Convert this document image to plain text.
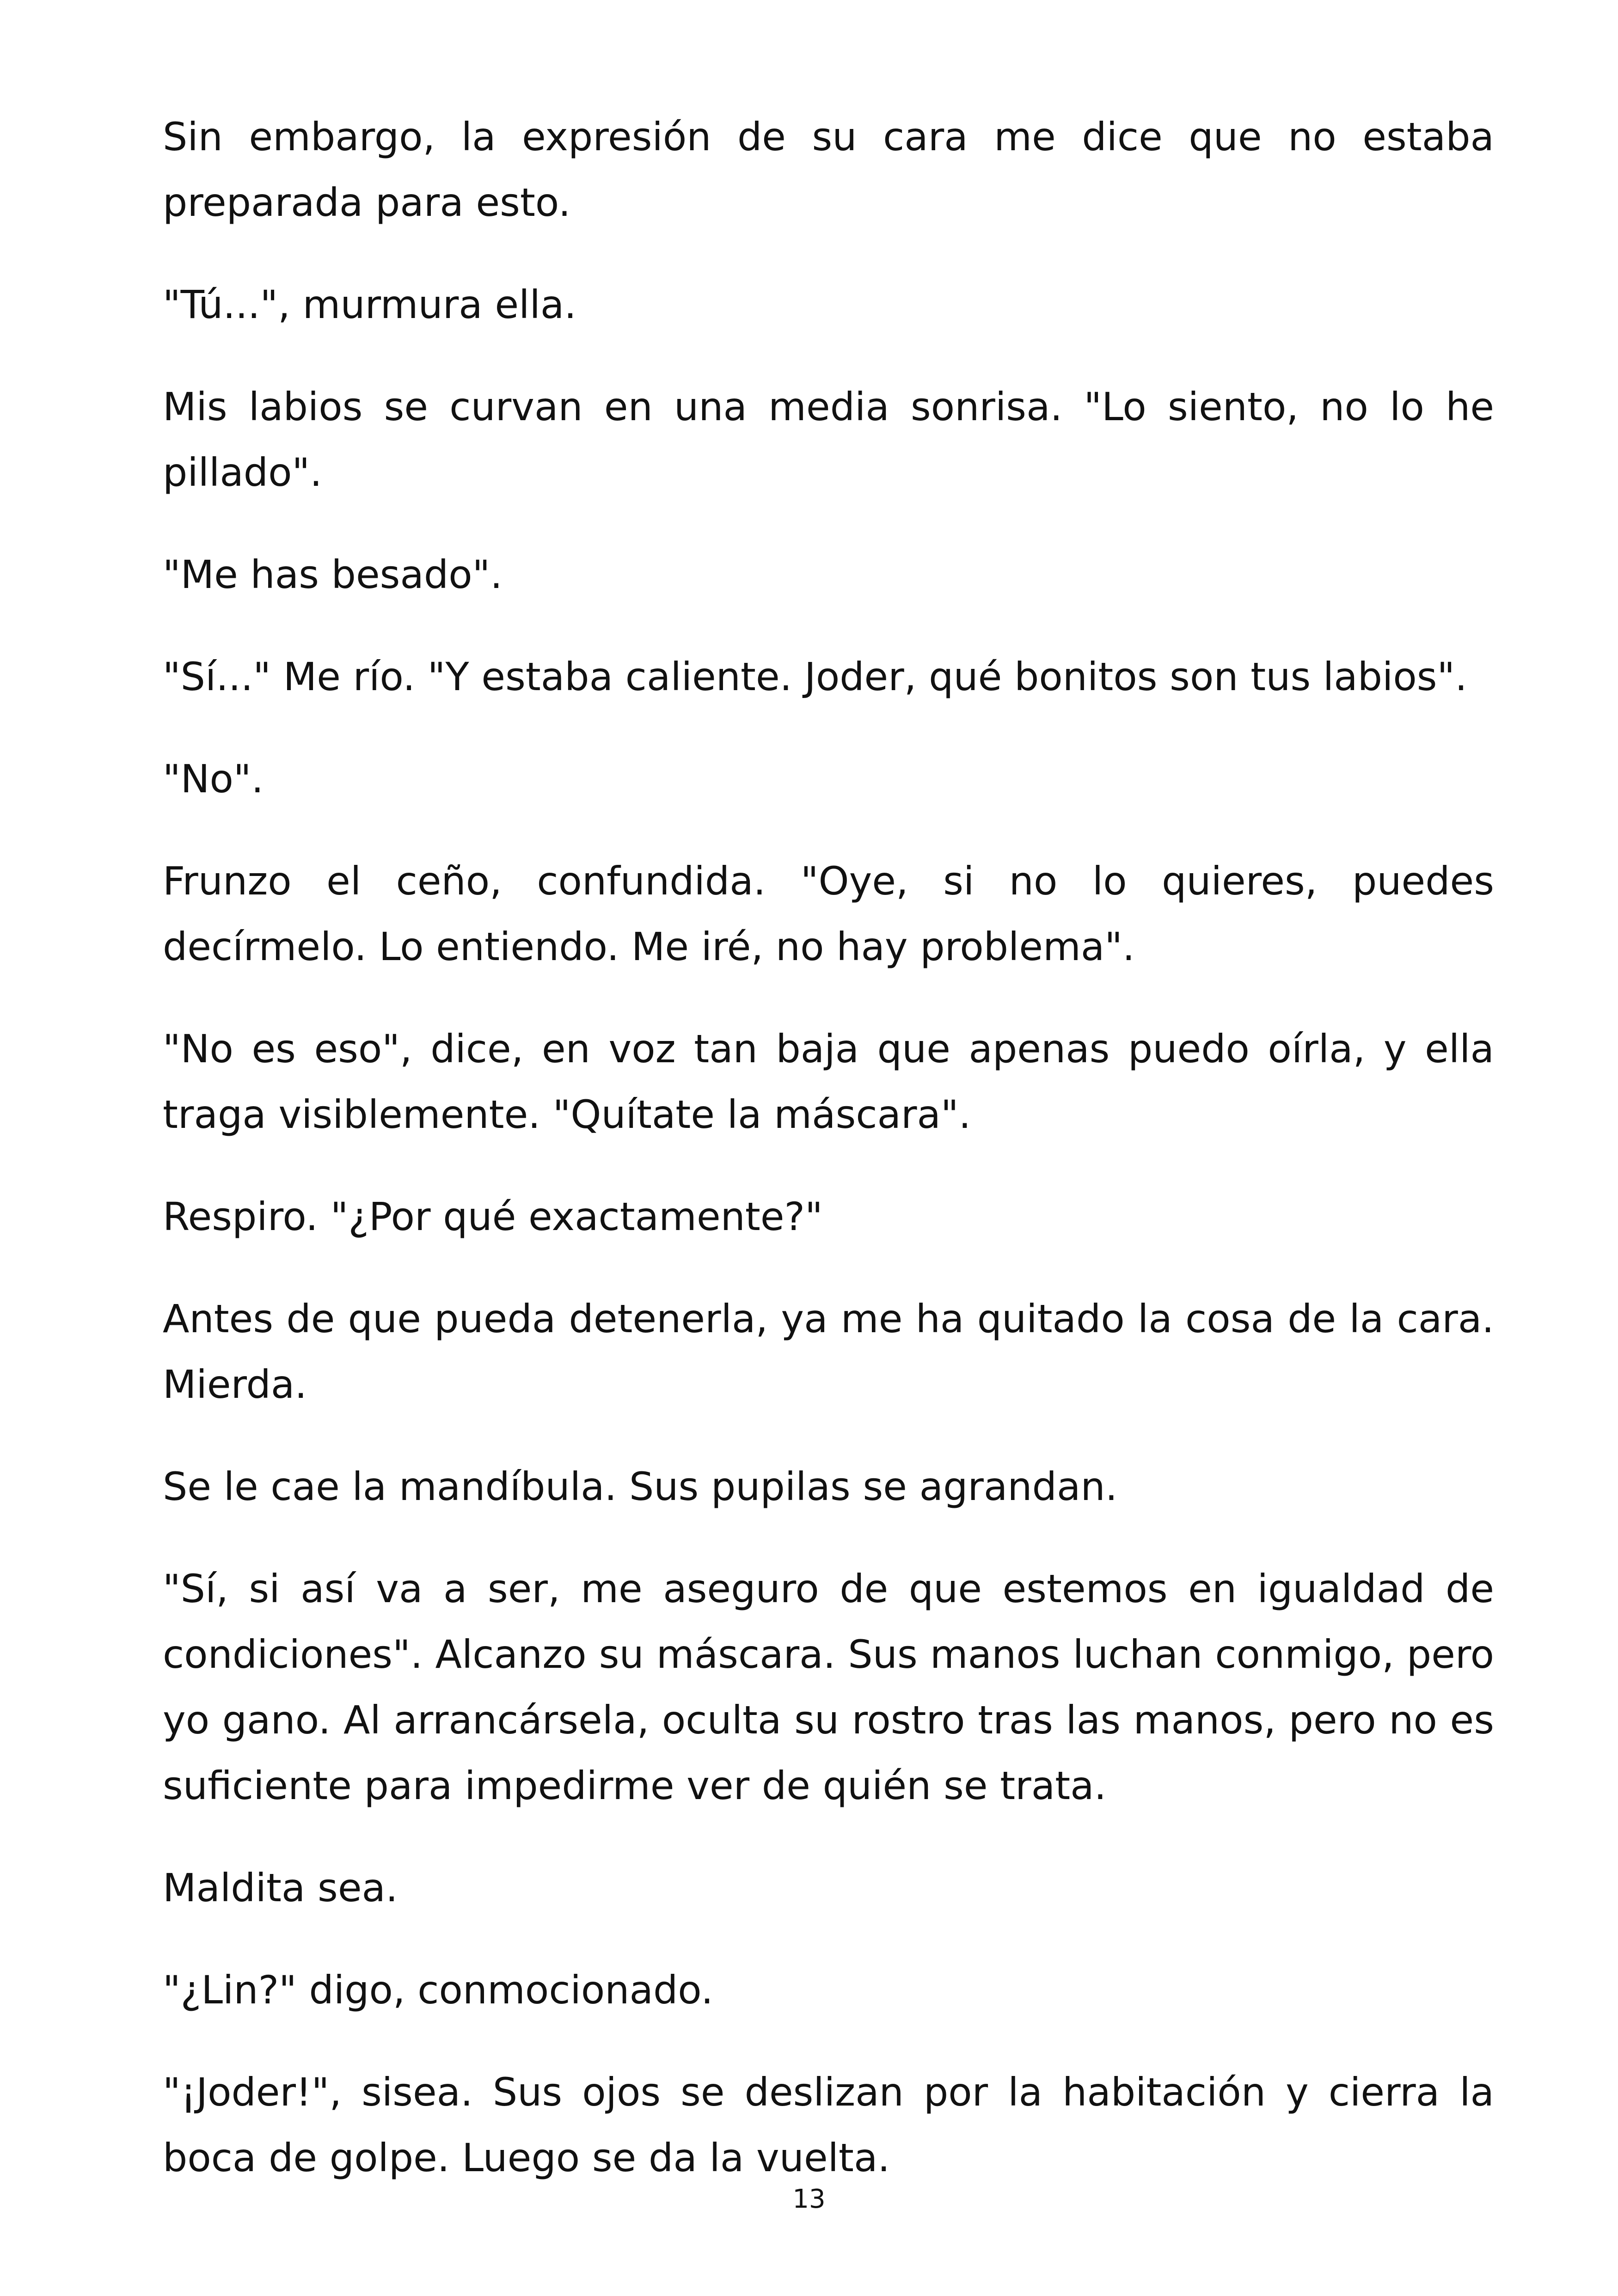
Sin embargo, la expresión de su cara me dice que no estaba preparada para esto.

"Tú...", murmura ella.

Mis labios se curvan en una media sonrisa. "Lo siento, no lo he pillado".

"Me has besado".

"Sí..." Me río. "Y estaba caliente. Joder, qué bonitos son tus labios".

"No".

Frunzo el ceño, confundida. "Oye, si no lo quieres, puedes decírmelo. Lo entiendo. Me iré, no hay problema".

"No es eso", dice, en voz tan baja que apenas puedo oírla, y ella traga visiblemente. "Quítate la máscara".

Respiro. "¿Por qué exactamente?"

Antes de que pueda detenerla, ya me ha quitado la cosa de la cara. Mierda.

Se le cae la mandíbula. Sus pupilas se agrandan.

"Sí, si así va a ser, me aseguro de que estemos en igualdad de condiciones". Alcanzo su máscara. Sus manos luchan conmigo, pero yo gano. Al arrancársela, oculta su rostro tras las manos, pero no es suficiente para impedirme ver de quién se trata.

Maldita sea.

"¿Lin?" digo, conmocionado.

"¡Joder!", sisea. Sus ojos se deslizan por la habitación y cierra la boca de golpe. Luego se da la vuelta.

13
